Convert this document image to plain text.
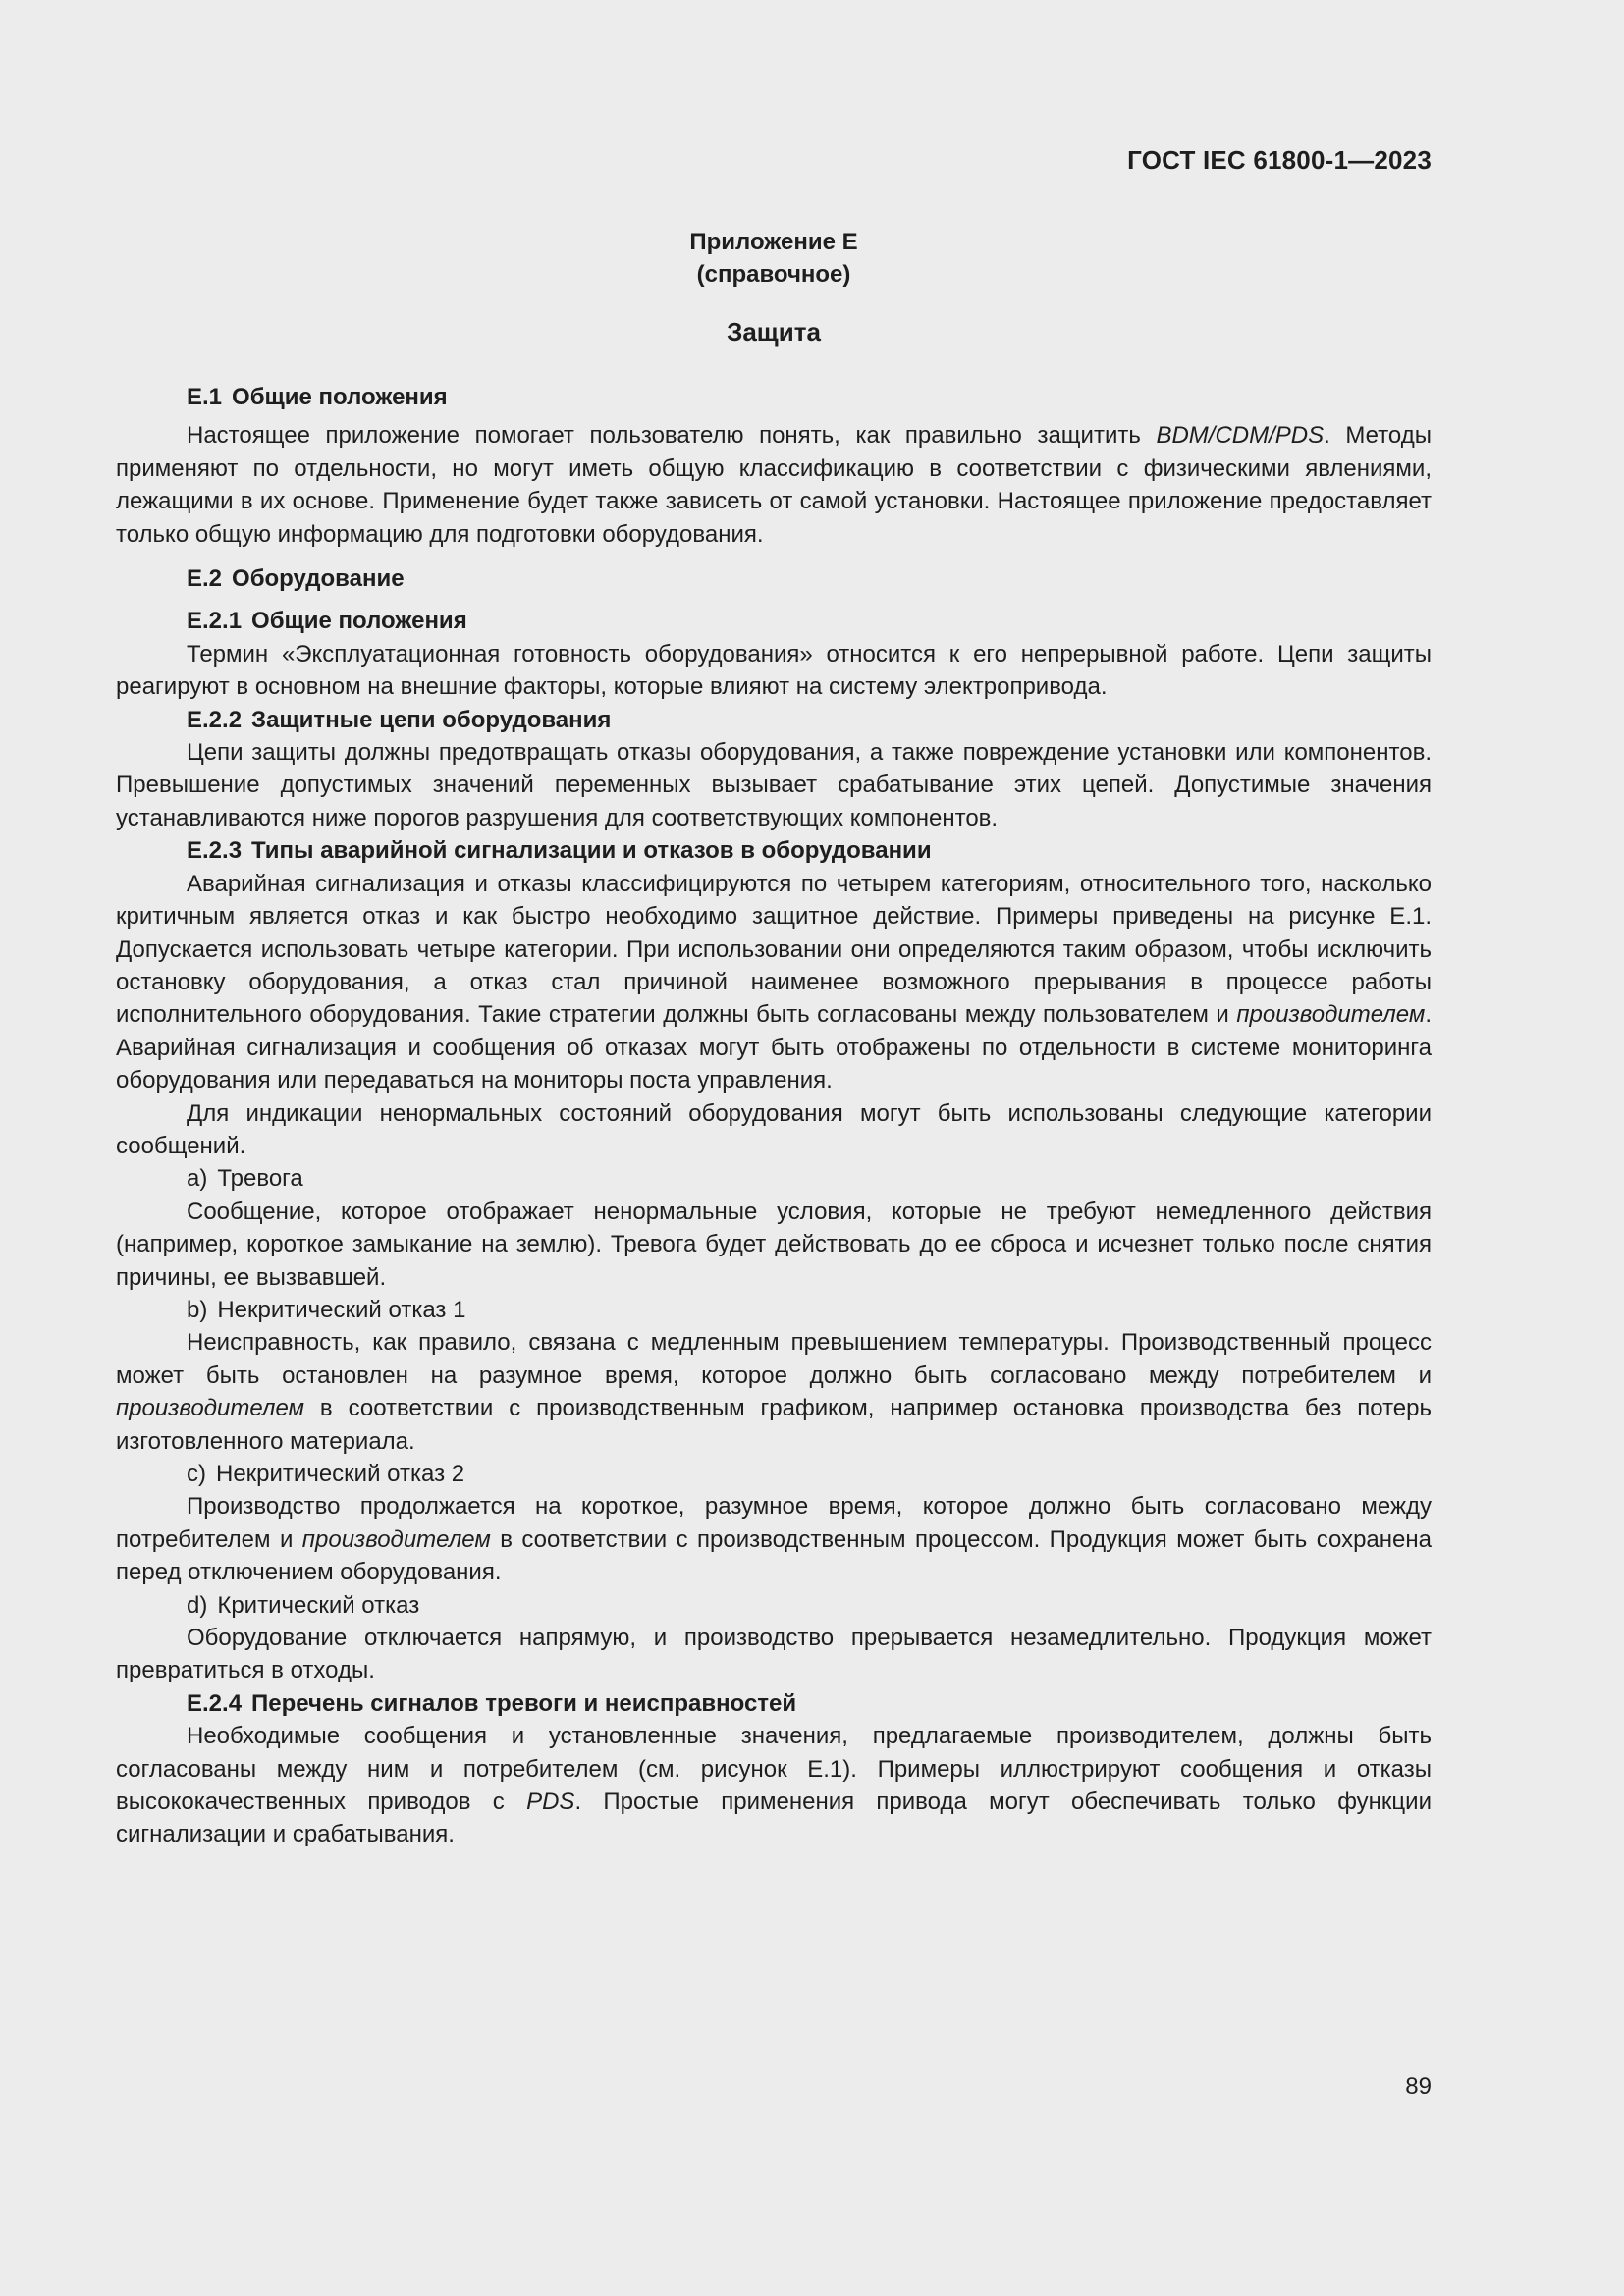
ГОСТ IEC 61800-1—2023
Приложение Е
(справочное)
Защита
Е.1 Общие положения

Настоящее приложение помогает пользователю понять, как правильно защитить BDM/CDM/PDS. Методы применяют по отдельности, но могут иметь общую классификацию в соответствии с физическими явлениями, лежащими в их основе. Применение будет также зависеть от самой установки. Настоящее приложение предоставляет только общую информацию для подготовки оборудования.

Е.2 Оборудование
Е.2.1 Общие положения

Термин «Эксплуатационная готовность оборудования» относится к его непрерывной работе. Цепи защиты реагируют в основном на внешние факторы, которые влияют на систему электропривода.

Е.2.2 Защитные цепи оборудования

Цепи защиты должны предотвращать отказы оборудования, а также повреждение установки или компонентов. Превышение допустимых значений переменных вызывает срабатывание этих цепей. Допустимые значения устанавливаются ниже порогов разрушения для соответствующих компонентов.

Е.2.3 Типы аварийной сигнализации и отказов в оборудовании

Аварийная сигнализация и отказы классифицируются по четырем категориям, относительного того, насколько критичным является отказ и как быстро необходимо защитное действие. Примеры приведены на рисунке Е.1. Допускается использовать четыре категории. При использовании они определяются таким образом, чтобы исключить остановку оборудования, а отказ стал причиной наименее возможного прерывания в процессе работы исполнительного оборудования. Такие стратегии должны быть согласованы между пользователем и производителем. Аварийная сигнализация и сообщения об отказах могут быть отображены по отдельности в системе мониторинга оборудования или передаваться на мониторы поста управления.

Для индикации ненормальных состояний оборудования могут быть использованы следующие категории сообщений.

a) Тревога

Сообщение, которое отображает ненормальные условия, которые не требуют немедленного действия (например, короткое замыкание на землю). Тревога будет действовать до ее сброса и исчезнет только после снятия причины, ее вызвавшей.

b) Некритический отказ 1

Неисправность, как правило, связана с медленным превышением температуры. Производственный процесс может быть остановлен на разумное время, которое должно быть согласовано между потребителем и производителем в соответствии с производственным графиком, например остановка производства без потерь изготовленного материала.

c) Некритический отказ 2

Производство продолжается на короткое, разумное время, которое должно быть согласовано между потребителем и производителем в соответствии с производственным процессом. Продукция может быть сохранена перед отключением оборудования.

d) Критический отказ

Оборудование отключается напрямую, и производство прерывается незамедлительно. Продукция может превратиться в отходы.

Е.2.4 Перечень сигналов тревоги и неисправностей

Необходимые сообщения и установленные значения, предлагаемые производителем, должны быть согласованы между ним и потребителем (см. рисунок Е.1). Примеры иллюстрируют сообщения и отказы высококачественных приводов с PDS. Простые применения привода могут обеспечивать только функции сигнализации и срабатывания.

89
